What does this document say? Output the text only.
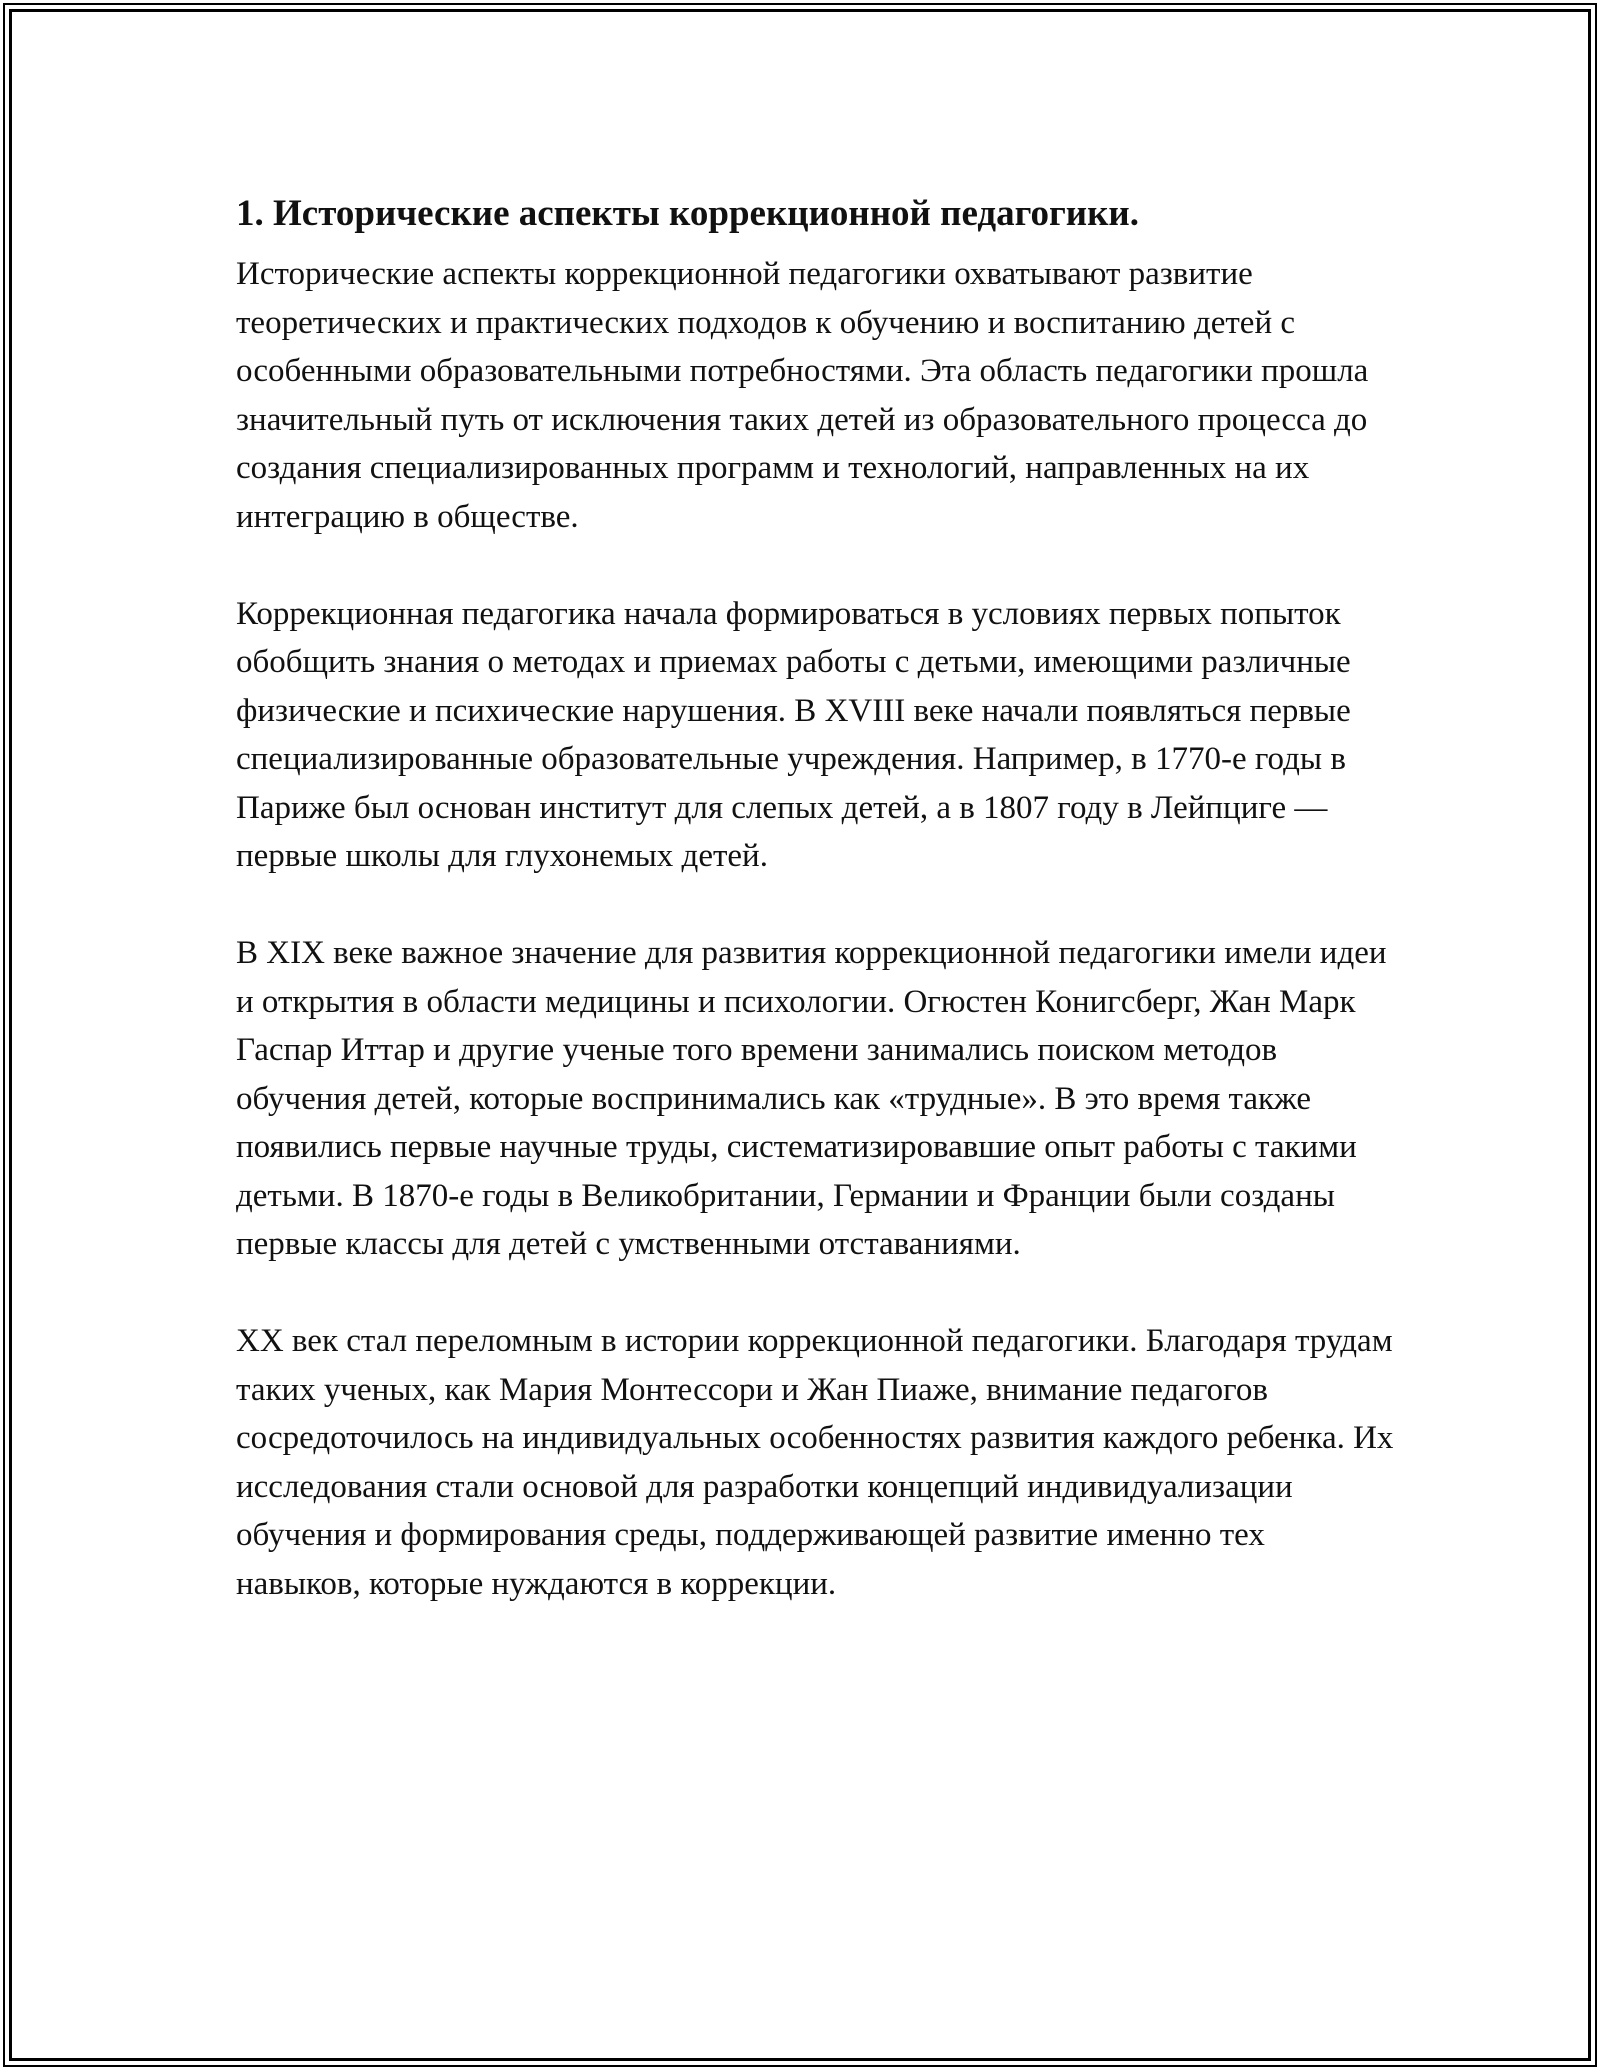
1. Исторические аспекты коррекционной педагогики.

Исторические аспекты коррекционной педагогики охватывают развитие теоретических и практических подходов к обучению и воспитанию детей с особенными образовательными потребностями. Эта область педагогики прошла значительный путь от исключения таких детей из образовательного процесса до создания специализированных программ и технологий, направленных на их интеграцию в обществе.

Коррекционная педагогика начала формироваться в условиях первых попыток обобщить знания о методах и приемах работы с детьми, имеющими различные физические и психические нарушения. В XVIII веке начали появляться первые специализированные образовательные учреждения. Например, в 1770-е годы в Париже был основан институт для слепых детей, а в 1807 году в Лейпциге — первые школы для глухонемых детей.

В XIX веке важное значение для развития коррекционной педагогики имели идеи и открытия в области медицины и психологии. Огюстен Конигсберг, Жан Марк Гаспар Иттар и другие ученые того времени занимались поиском методов обучения детей, которые воспринимались как «трудные». В это время также появились первые научные труды, систематизировавшие опыт работы с такими детьми. В 1870-е годы в Великобритании, Германии и Франции были созданы первые классы для детей с умственными отставаниями.

XX век стал переломным в истории коррекционной педагогики. Благодаря трудам таких ученых, как Мария Монтессори и Жан Пиаже, внимание педагогов сосредоточилось на индивидуальных особенностях развития каждого ребенка. Их исследования стали основой для разработки концепций индивидуализации обучения и формирования среды, поддерживающей развитие именно тех навыков, которые нуждаются в коррекции.
